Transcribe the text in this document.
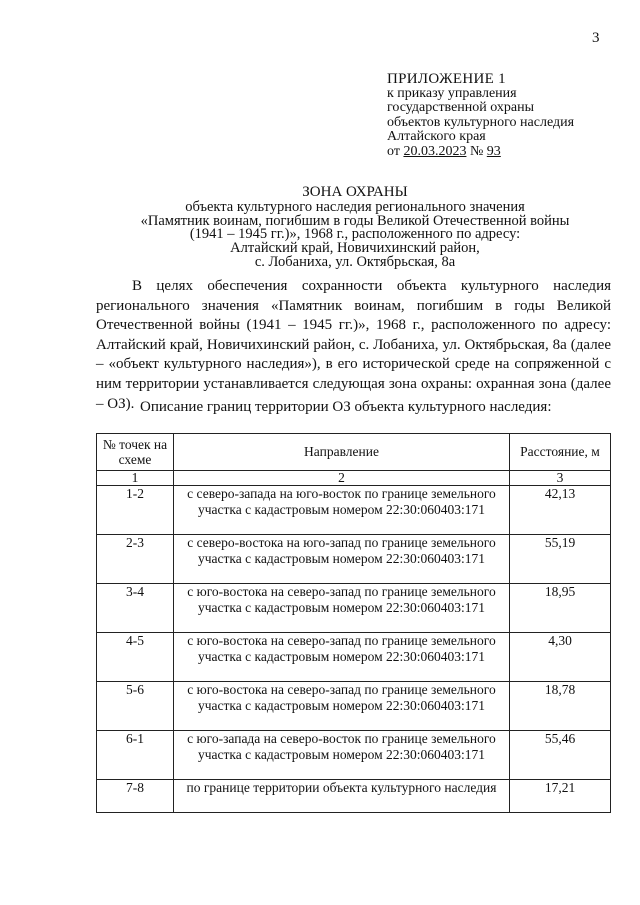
3
ПРИЛОЖЕНИЕ 1
к приказу управления
государственной охраны
объектов культурного наследия
Алтайского края
от 20.03.2023 № 93
ЗОНА ОХРАНЫ
объекта культурного наследия регионального значения
«Памятник воинам, погибшим в годы Великой Отечественной войны
(1941 – 1945 гг.)», 1968 г., расположенного по адресу:
Алтайский край, Новичихинский район,
с. Лобаниха, ул. Октябрьская, 8а

В целях обеспечения сохранности объекта культурного наследия регионального значения «Памятник воинам, погибшим в годы Великой Отечественной войны (1941 – 1945 гг.)», 1968 г., расположенного по адресу: Алтайский край, Новичихинский район, с. Лобаниха, ул. Октябрьская, 8а (далее – «объект культурного наследия»), в его исторической среде на сопряженной с ним территории устанавливается следующая зона охраны: охранная зона (далее – ОЗ). Описание границ территории ОЗ объекта культурного наследия:
№ точек на схеме	Направление	Расстояние, м
1	2	3
1-2	с северо-запада на юго-восток по границе земельного участка с кадастровым номером 22:30:060403:171	42,13
2-3	с северо-востока на юго-запад по границе земельного участка с кадастровым номером 22:30:060403:171	55,19
3-4	с юго-востока на северо-запад по границе земельного участка с кадастровым номером 22:30:060403:171	18,95
4-5	с юго-востока на северо-запад по границе земельного участка с кадастровым номером 22:30:060403:171	4,30
5-6	с юго-востока на северо-запад по границе земельного участка с кадастровым номером 22:30:060403:171	18,78
6-1	с юго-запада на северо-восток по границе земельного участка с кадастровым номером 22:30:060403:171	55,46
7-8	по границе территории объекта культурного наследия	17,21
